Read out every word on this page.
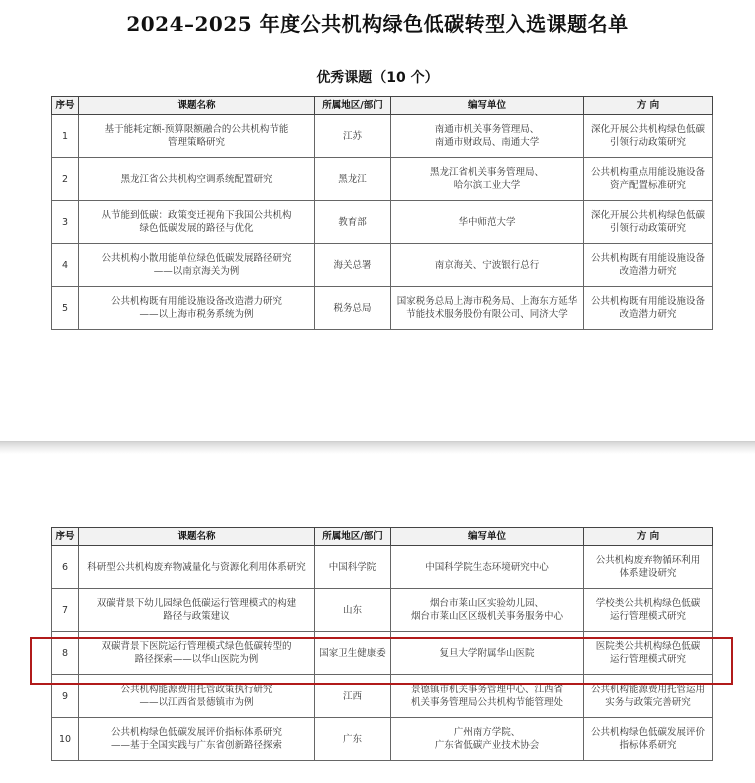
2024–2025 年度公共机构绿色低碳转型入选课题名单
优秀课题（10 个）
序号	课题名称	所属地区/部门	编写单位	方 向
1	基于能耗定额-预算限额融合的公共机构节能
管理策略研究	江苏	南通市机关事务管理局、
南通市财政局、南通大学	深化开展公共机构绿色低碳
引领行动政策研究

2	黑龙江省公共机构空调系统配置研究	黑龙江	黑龙江省机关事务管理局、
哈尔滨工业大学	公共机构重点用能设施设备
资产配置标准研究

3	从节能到低碳：政策变迁视角下我国公共机构
绿色低碳发展的路径与优化	教育部	华中师范大学	深化开展公共机构绿色低碳
引领行动政策研究

4	公共机构小散用能单位绿色低碳发展路径研究
——以南京海关为例	海关总署	南京海关、宁波银行总行	公共机构既有用能设施设备
改造潜力研究

5	公共机构既有用能设施设备改造潜力研究
——以上海市税务系统为例	税务总局	国家税务总局上海市税务局、上海东方延华
节能技术服务股份有限公司、同济大学	公共机构既有用能设施设备
改造潜力研究
序号	课题名称	所属地区/部门	编写单位	方 向
6	科研型公共机构废弃物减量化与资源化利用体系研究	中国科学院	中国科学院生态环境研究中心	公共机构废弃物循环利用
体系建设研究

7	双碳背景下幼儿园绿色低碳运行管理模式的构建
路径与政策建议	山东	烟台市莱山区实验幼儿园、
烟台市莱山区区级机关事务服务中心	学校类公共机构绿色低碳
运行管理模式研究

8	双碳背景下医院运行管理模式绿色低碳转型的
路径探索——以华山医院为例	国家卫生健康委	复旦大学附属华山医院	医院类公共机构绿色低碳
运行管理模式研究

9	公共机构能源费用托管政策执行研究
——以江西省景德镇市为例	江西	景德镇市机关事务管理中心、江西省
机关事务管理局公共机构节能管理处	公共机构能源费用托管运用
实务与政策完善研究

10	公共机构绿色低碳发展评价指标体系研究
——基于全国实践与广东省创新路径探索	广东	广州南方学院、
广东省低碳产业技术协会	公共机构绿色低碳发展评价
指标体系研究
